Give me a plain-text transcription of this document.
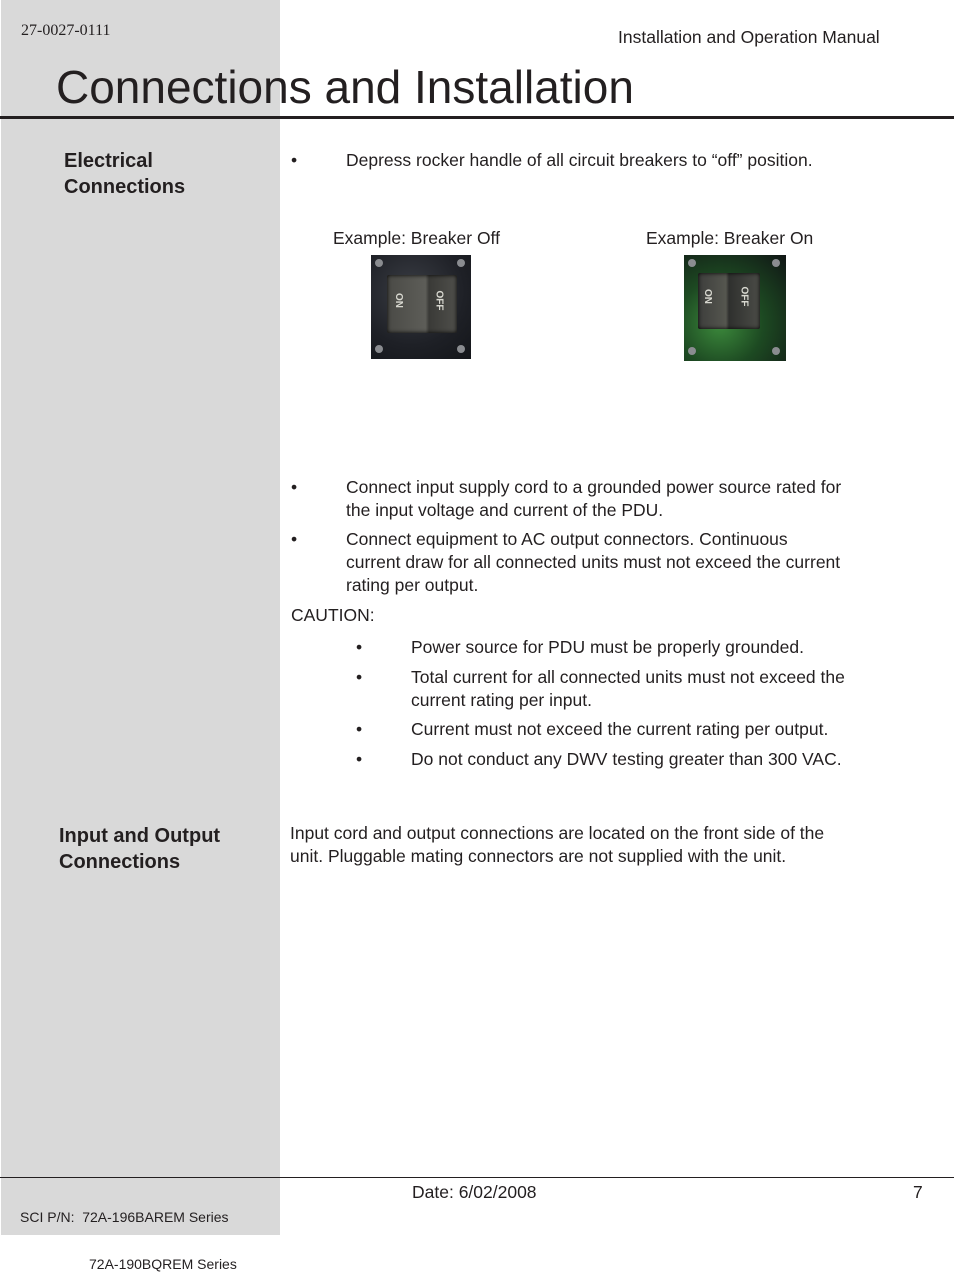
27-0027-0111	Installation and Operation Manual
Connections and Installation
Electrical
Connections
•	Depress rocker handle of all circuit breakers to “off” position.
Example: Breaker Off	Example: Breaker On
ON	OFF	ON	OFF
•	Connect input supply cord to a grounded power source rated for
the input voltage and current of the PDU.
•	Connect equipment to AC output connectors. Continuous
current draw for all connected units must not exceed the current
rating per output.
CAUTION:
•	Power source for PDU must be properly grounded.
•	Total current for all connected units must not exceed the
current rating per input.
•	Current must not exceed the current rating per output.
•	Do not conduct any DWV testing greater than 300 VAC.
Input and Output
Connections
Input cord and output connections are located on the front side of the
unit. Pluggable mating connectors are not supplied with the unit.

SCI P/N:  72A-196BAREM Series

72A-190BQREM Series

Date: 6/02/2008	7
